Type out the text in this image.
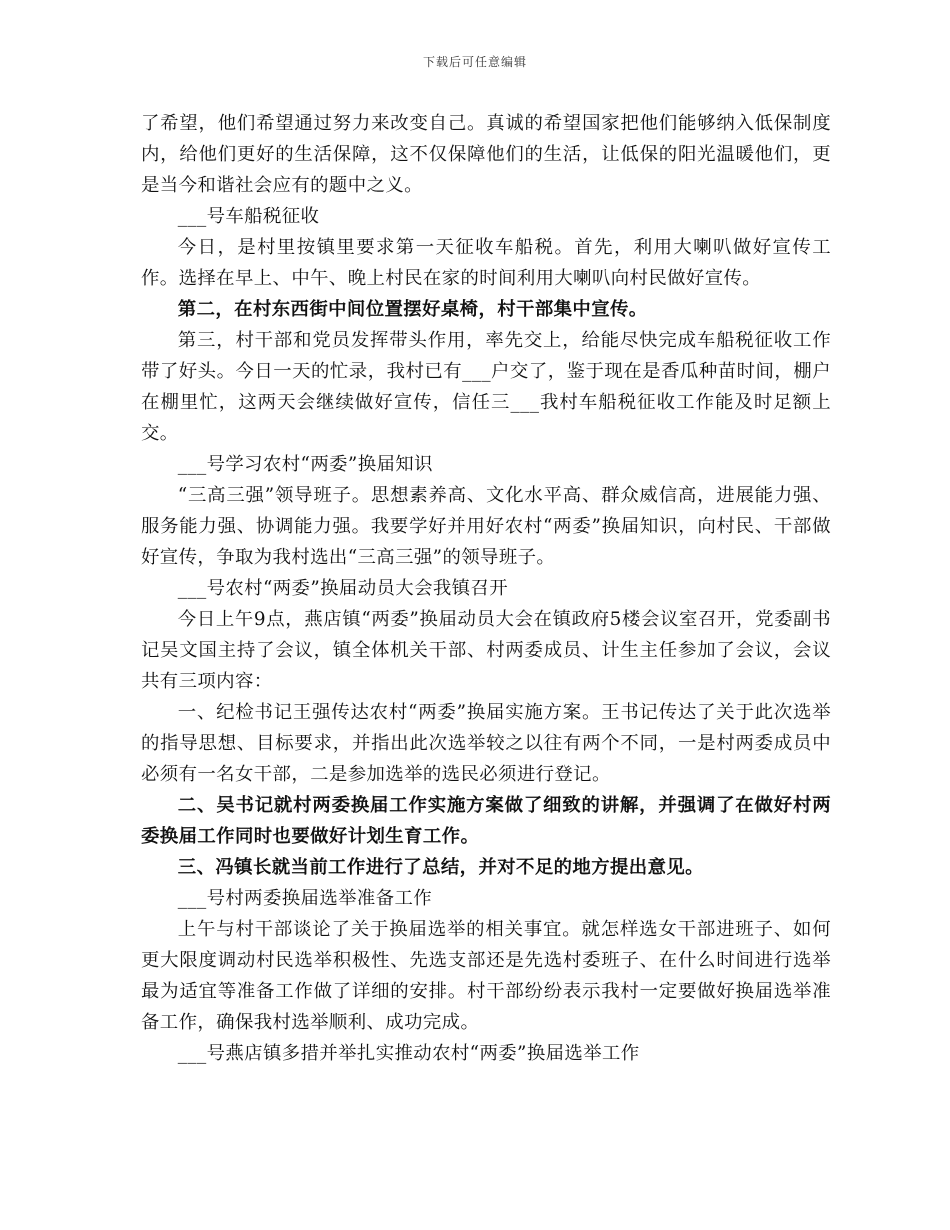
下载后可任意编辑

了希望，他们希望通过努力来改变自己。真诚的希望国家把他们能够纳入低保制度内，给他们更好的生活保障，这不仅保障他们的生活，让低保的阳光温暖他们，更是当今和谐社会应有的题中之义。

___号车船税征收

今日，是村里按镇里要求第一天征收车船税。首先，利用大喇叭做好宣传工作。选择在早上、中午、晚上村民在家的时间利用大喇叭向村民做好宣传。

第二，在村东西街中间位置摆好桌椅，村干部集中宣传。

第三，村干部和党员发挥带头作用，率先交上，给能尽快完成车船税征收工作带了好头。今日一天的忙录，我村已有___户交了，鉴于现在是香瓜种苗时间，棚户在棚里忙，这两天会继续做好宣传，信任三___我村车船税征收工作能及时足额上交。

___号学习农村“两委”换届知识

“三高三强”领导班子。思想素养高、文化水平高、群众威信高，进展能力强、服务能力强、协调能力强。我要学好并用好农村“两委”换届知识，向村民、干部做好宣传，争取为我村选出“三高三强”的领导班子。

___号农村“两委”换届动员大会我镇召开

今日上午9点，燕店镇“两委”换届动员大会在镇政府5楼会议室召开，党委副书记吴文国主持了会议，镇全体机关干部、村两委成员、计生主任参加了会议，会议共有三项内容：

一、纪检书记王强传达农村“两委”换届实施方案。王书记传达了关于此次选举的指导思想、目标要求，并指出此次选举较之以往有两个不同，一是村两委成员中必须有一名女干部，二是参加选举的选民必须进行登记。

二、吴书记就村两委换届工作实施方案做了细致的讲解，并强调了在做好村两委换届工作同时也要做好计划生育工作。

三、冯镇长就当前工作进行了总结，并对不足的地方提出意见。

___号村两委换届选举准备工作

上午与村干部谈论了关于换届选举的相关事宜。就怎样选女干部进班子、如何更大限度调动村民选举积极性、先选支部还是先选村委班子、在什么时间进行选举最为适宜等准备工作做了详细的安排。村干部纷纷表示我村一定要做好换届选举准备工作，确保我村选举顺利、成功完成。

___号燕店镇多措并举扎实推动农村“两委”换届选举工作
